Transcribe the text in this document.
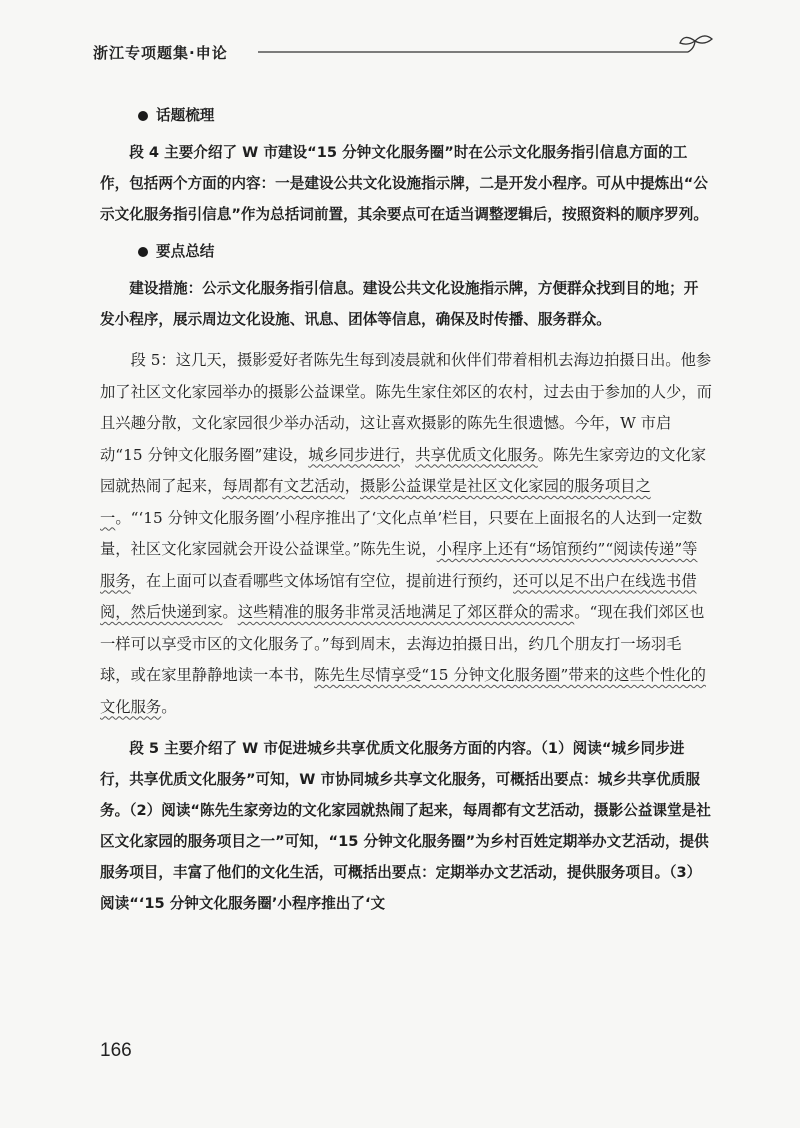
浙江专项题集·申论
话题梳理

段 4 主要介绍了 W 市建设“15 分钟文化服务圈”时在公示文化服务指引信息方面的工作，包括两个方面的内容：一是建设公共文化设施指示牌，二是开发小程序。可从中提炼出“公示文化服务指引信息”作为总括词前置，其余要点可在适当调整逻辑后，按照资料的顺序罗列。

要点总结

建设措施：公示文化服务指引信息。建设公共文化设施指示牌，方便群众找到目的地；开发小程序，展示周边文化设施、讯息、团体等信息，确保及时传播、服务群众。

段 5：这几天，摄影爱好者陈先生每到凌晨就和伙伴们带着相机去海边拍摄日出。他参加了社区文化家园举办的摄影公益课堂。陈先生家住郊区的农村，过去由于参加的人少，而且兴趣分散，文化家园很少举办活动，这让喜欢摄影的陈先生很遗憾。今年，W 市启动“15 分钟文化服务圈”建设，城乡同步进行，共享优质文化服务。陈先生家旁边的文化家园就热闹了起来，每周都有文艺活动，摄影公益课堂是社区文化家园的服务项目之一。“‘15 分钟文化服务圈’小程序推出了‘文化点单’栏目，只要在上面报名的人达到一定数量，社区文化家园就会开设公益课堂。”陈先生说，小程序上还有“场馆预约”“阅读传递”等服务，在上面可以查看哪些文体场馆有空位，提前进行预约，还可以足不出户在线选书借阅，然后快递到家。这些精准的服务非常灵活地满足了郊区群众的需求。“现在我们郊区也一样可以享受市区的文化服务了。”每到周末，去海边拍摄日出，约几个朋友打一场羽毛球，或在家里静静地读一本书，陈先生尽情享受“15 分钟文化服务圈”带来的这些个性化的文化服务。

段 5 主要介绍了 W 市促进城乡共享优质文化服务方面的内容。（1）阅读“城乡同步进行，共享优质文化服务”可知，W 市协同城乡共享文化服务，可概括出要点：城乡共享优质服务。（2）阅读“陈先生家旁边的文化家园就热闹了起来，每周都有文艺活动，摄影公益课堂是社区文化家园的服务项目之一”可知，“15 分钟文化服务圈”为乡村百姓定期举办文艺活动，提供服务项目，丰富了他们的文化生活，可概括出要点：定期举办文艺活动，提供服务项目。（3）阅读“‘15 分钟文化服务圈’小程序推出了‘文

166
